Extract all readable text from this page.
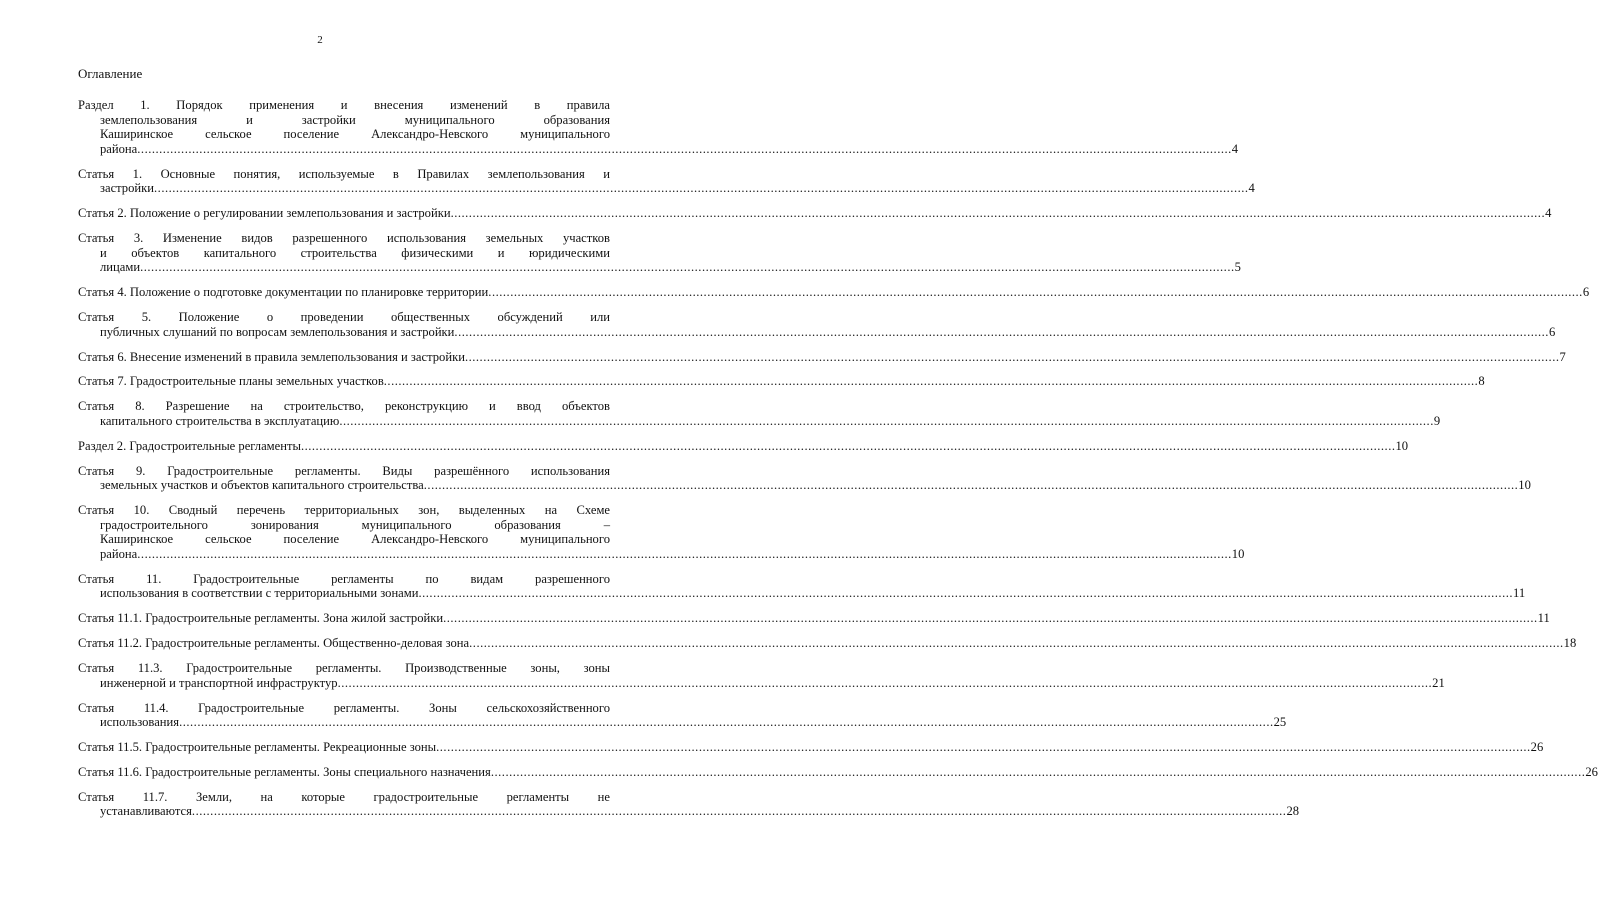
2
Оглавление
Раздел 1. Порядок применения и внесения изменений в правила
землепользования и застройки муниципального образования
Каширинское сельское поселение Александро-Невского муниципального
района ............................................................................................................................................................................................................................................................................................................ 4
Статья 1. Основные понятия, используемые в Правилах землепользования и
застройки ............................................................................................................................................................................................................................................................................................................ 4
Статья 2. Положение о регулировании землепользования и застройки ............................................................................................................................................................................................................................................................................................................ 4
Статья 3. Изменение видов разрешенного использования земельных участков
и объектов капитального строительства физическими и юридическими
лицами ............................................................................................................................................................................................................................................................................................................ 5
Статья 4. Положение о подготовке документации по планировке территории ............................................................................................................................................................................................................................................................................................................ 6
Статья 5. Положение о проведении общественных обсуждений или
публичных слушаний по вопросам землепользования и застройки ............................................................................................................................................................................................................................................................................................................ 6
Статья 6. Внесение изменений в правила землепользования и застройки ............................................................................................................................................................................................................................................................................................................ 7
Статья 7. Градостроительные планы земельных участков ............................................................................................................................................................................................................................................................................................................ 8
Статья 8. Разрешение на строительство, реконструкцию и ввод объектов
капитального строительства в эксплуатацию ............................................................................................................................................................................................................................................................................................................ 9
Раздел 2. Градостроительные регламенты ............................................................................................................................................................................................................................................................................................................ 10
Статья 9. Градостроительные регламенты. Виды разрешённого использования
земельных участков и объектов капитального строительства ............................................................................................................................................................................................................................................................................................................ 10
Статья 10. Сводный перечень территориальных зон, выделенных на Схеме
градостроительного зонирования муниципального образования –
Каширинское сельское поселение Александро-Невского муниципального
района ............................................................................................................................................................................................................................................................................................................ 10
Статья 11. Градостроительные регламенты по видам разрешенного
использования в соответствии с территориальными зонами ............................................................................................................................................................................................................................................................................................................ 11
Статья 11.1. Градостроительные регламенты. Зона жилой застройки ............................................................................................................................................................................................................................................................................................................ 11
Статья 11.2. Градостроительные регламенты. Общественно-деловая зона ............................................................................................................................................................................................................................................................................................................ 18
Статья 11.3. Градостроительные регламенты. Производственные зоны, зоны
инженерной и транспортной инфраструктур ............................................................................................................................................................................................................................................................................................................ 21
Статья 11.4. Градостроительные регламенты. Зоны сельскохозяйственного
использования ............................................................................................................................................................................................................................................................................................................ 25
Статья 11.5. Градостроительные регламенты. Рекреационные зоны ............................................................................................................................................................................................................................................................................................................ 26
Статья 11.6. Градостроительные регламенты. Зоны специального назначения ............................................................................................................................................................................................................................................................................................................ 26
Статья 11.7. Земли, на которые градостроительные регламенты не
устанавливаются ............................................................................................................................................................................................................................................................................................................ 28
